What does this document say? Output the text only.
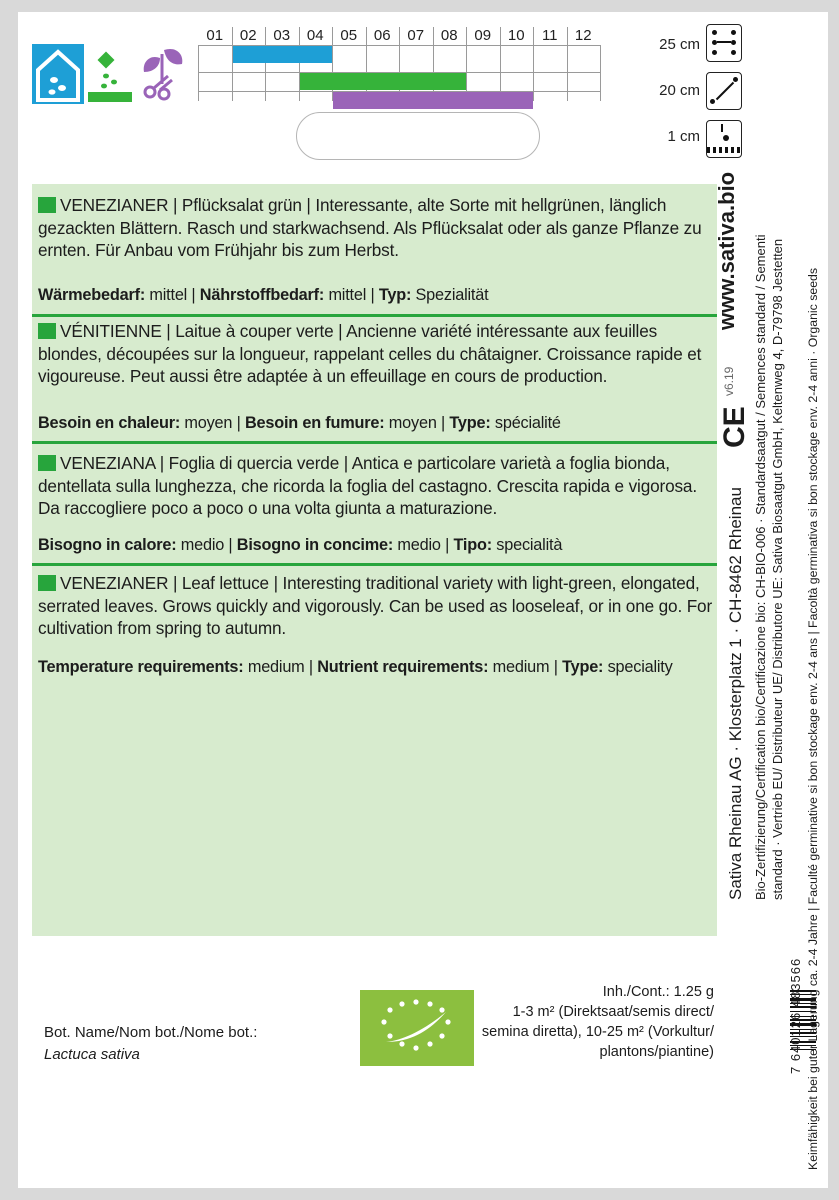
01	02	03	04	05	06	07	08	09	10	11	12
25 cm
20 cm
1 cm
VENEZIANER | Pflücksalat grün | Interessante, alte Sorte mit hellgrünen, länglich gezackten Blättern. Rasch und starkwachsend. Als Pflücksalat oder als ganze Pflanze zu ernten. Für Anbau vom Frühjahr bis zum Herbst.
Wärmebedarf: mittel | Nährstoffbedarf: mittel | Typ: Spezialität
VÉNITIENNE | Laitue à couper verte | Ancienne variété intéressante aux feuilles blondes, découpées sur la longueur, rappelant celles du châtaigner. Croissance rapide et vigoureuse. Peut aussi être adaptée à un effeuillage en cours de production.
Besoin en chaleur: moyen | Besoin en fumure: moyen | Type: spécialité
VENEZIANA | Foglia di quercia verde | Antica e particolare varietà a foglia bionda, dentellata sulla lunghezza, che ricorda la foglia del castagno. Crescita rapida e vigorosa. Da raccogliere poco a poco o una volta giunta a maturazione.
Bisogno in calore: medio | Bisogno in concime: medio | Tipo: specialità
VENEZIANER | Leaf lettuce | Interesting traditional variety with light-green, elongated, serrated leaves. Grows quickly and vigorously. Can be used as looseleaf, or in one go. For cultivation from spring to autumn.
Temperature requirements: medium | Nutrient requirements: medium | Type: speciality
www.sativa.bio
v6.19
CE
Sativa Rheinau AG · Klosterplatz 1 · CH-8462 Rheinau Bio-Zertifizierung/Certification bio/Certificazione bio: CH-BIO-006 · Standardsaatgut / Semences standard / Sementi standard · Vertrieb EU/ Distributeur UE/ Distributore UE: Sativa Biosaatgut GmbH, Keltenweg 4, D-79798 Jestetten
7 640126 483566 Keimfähigkeit bei guter Lagerung ca. 2-4 Jahre | Faculté germinative si bon stockage env. 2-4 ans | Facoltà germinativa si bon stockage env. 2-4 anni · Organic seeds
Bot. Name/Nom bot./Nome bot.:
Lactuca sativa
Inh./Cont.: 1.25 g
1-3 m² (Direktsaat/semis direct/
semina diretta), 10-25 m² (Vorkultur/
plantons/piantine)
